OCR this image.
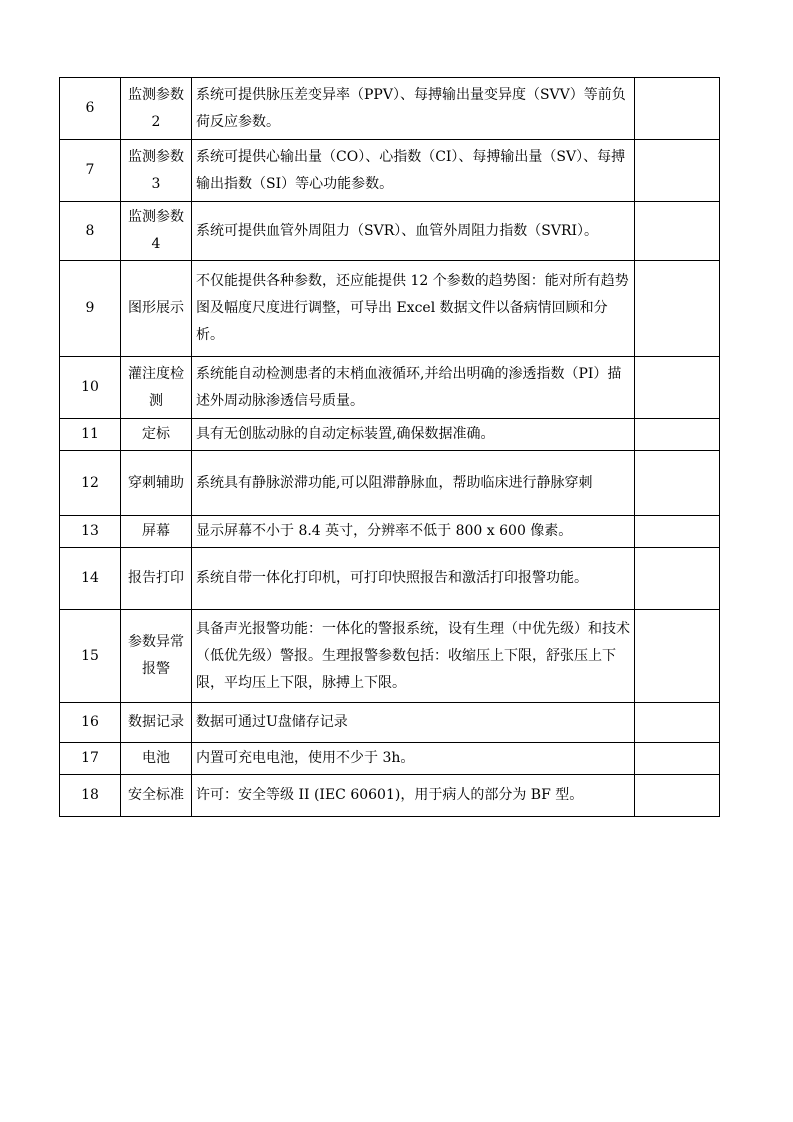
6	监测参数 2	系统可提供脉压差变异率（PPV）、每搏输出量变异度（SVV）等前负荷反应参数。	
7	监测参数 3	系统可提供心输出量（CO）、心指数（CI）、每搏输出量（SV）、每搏输出指数（SI）等心功能参数。	
8	监测参数 4	系统可提供血管外周阻力（SVR）、血管外周阻力指数（SVRI）。	
9	图形展示	不仅能提供各种参数，还应能提供 12 个参数的趋势图：能对所有趋势图及幅度尺度进行调整，可导出 Excel 数据文件以备病情回顾和分析。	
10	灌注度检测	系统能自动检测患者的末梢血液循环,并给出明确的渗透指数（PI）描述外周动脉渗透信号质量。	
11	定标	具有无创肱动脉的自动定标装置,确保数据准确。	
12	穿刺辅助	系统具有静脉淤滞功能,可以阻滞静脉血，帮助临床进行静脉穿刺	
13	屏幕	显示屏幕不小于 8.4 英寸，分辨率不低于 800 x 600 像素。	
14	报告打印	系统自带一体化打印机，可打印快照报告和激活打印报警功能。	
15	参数异常报警	具备声光报警功能：一体化的警报系统，设有生理（中优先级）和技术（低优先级）警报。生理报警参数包括：收缩压上下限，舒张压上下限，平均压上下限，脉搏上下限。	
16	数据记录	数据可通过U盘储存记录	
17	电池	内置可充电电池，使用不少于 3h。	
18	安全标准	许可：安全等级 II (IEC 60601)，用于病人的部分为 BF 型。	
